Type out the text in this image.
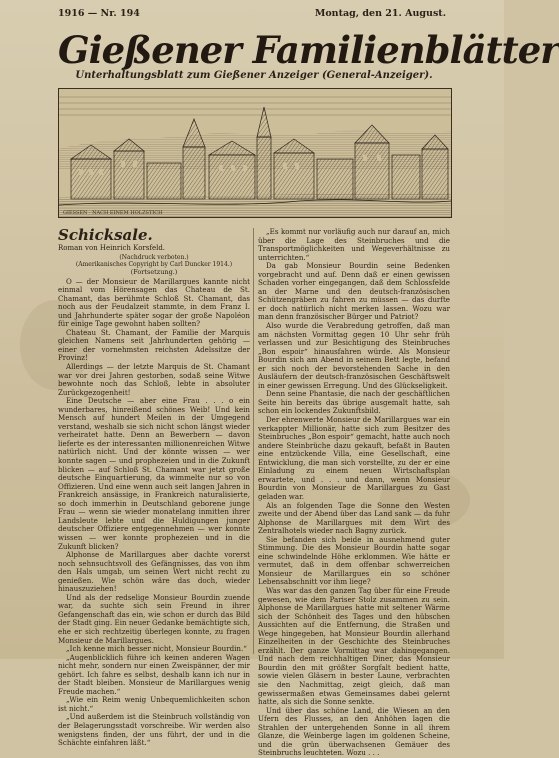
1916 — Nr. 194	Montag, den 21. August.
Gießener Familienblätter
Unterhaltungsblatt zum Gießener Anzeiger (General-Anzeiger).
GIESSEN · NACH EINEM HOLZSTICH
Schicksale.
Roman von Heinrich Korsfeld.
(Nachdruck verboten.)
(Amerikanisches Copyright by Carl Duncker 1914.)
(Fortsetzung.)

O — der Monsieur de Marillargues kannte nicht einmal vom Hörensagen das Chateau de St. Chamant, das berühmte Schloß St. Chamant, das noch aus der Feudalzeit stammte, in dem Franz I. und Jahrhunderte später sogar der große Napoléon für einige Tage gewohnt haben sollten?

Chateau St. Chamant, der Familie der Marquis gleichen Namens seit Jahrhunderten gehörig — einer der vornehmsten reichsten Adelssitze der Provinz!

Allerdings — der letzte Marquis de St. Chamant war vor drei Jahren gestorben, sodaß seine Witwe bewohnte noch das Schloß, lebte in absoluter Zurückgezogenheit!

Eine Deutsche — aber eine Frau . . . o ein wunderbares, hinreißend schönes Weib! Und kein Mensch auf hundert Meilen in der Umgegend verstand, weshalb sie sich nicht schon längst wieder verheiratet hatte. Denn an Bewerbern — davon lieferte es der interessanten millionenreichen Witwe natürlich nicht. Und der könnte wissen — wer konnte sagen — und prophezeien und in die Zukunft blicken — auf Schloß St. Chamant war jetzt große deutsche Einquartierung, da wimmelte nur so von Offizieren. Und eine wenn auch seit langen Jahren in Frankreich ansässige, in Frankreich naturalisierte, so doch immerhin in Deutschland geborene junge Frau — wenn sie wieder monatelang inmitten ihrer Landsleute lebte und die Huldigungen junger deutscher Offiziere entgegennehmen — wer konnte wissen — wer konnte prophezeien und in die Zukunft blicken?

Alphonse de Marillargues aber dachte vorerst noch sehnsuchtsvoll des Gefängnisses, das von ihm den Hals umgab, um seinen Wert nicht recht zu genießen. Wie schön wäre das doch, wieder hinauszuziehen!

Und als der redselige Monsieur Bourdin zuende war, da suchte sich sein Freund in ihrer Gefangenschaft das ein, wie schon er durch das Bild der Stadt ging. Ein neuer Gedanke bemächtigte sich, ehe er sich rechtzeitig überlegen konnte, zu fragen Monsieur de Marillargues.

„Ich kenne mich besser nicht, Monsieur Bourdin.“

„Augenblicklich führe ich keinen anderen Wagen nicht mehr, sondern nur einen Zweispänner, der mir gehört. Ich fahre es selbst, deshalb kann ich nur in der Stadt bleiben. Monsieur de Marillargues wenig Freude machen.“

„Wie ein Reim wenig Unbequemlichkeiten schon ist nicht.“

„Und außerdem ist die Steinbruch vollständig von der Belagerungsstadt vorschreibe. Wir werden also wenigstens finden, der uns führt, der und in die Schächte einfahren läßt.“

„Es kommt nur vorläufig auch nur darauf an, mich über die Lage des Steinbruches und die Transportmöglichkeiten und Wegeverhältnisse zu unterrichten.“

Da gab Monsieur Bourdin seine Bedenken vorgebracht und auf. Denn daß er einen gewissen Schaden vorher eingegangen, daß dem Schlossfelde an der Marne und den deutsch-französischen Schützengräben zu fahren zu müssen — das durfte er doch natürlich nicht merken lassen. Wozu war man denn französischer Bürger und Patriot?

Also wurde die Verabredung getroffen, daß man am nächsten Vormittag gegen 10 Uhr sehr früh verlassen und zur Besichtigung des Steinbruches „Bon espoir“ hinausfahren würde. Als Monsieur Bourdin sich am Abend in seinem Bett legte, befand er sich noch der bevorstehenden Sache in den Ausläufern der deutsch-französischen Geschäftswelt in einer gewissen Erregung. Und des Glückseligkeit.

Denn seine Phantasie, die nach der geschäftlichen Seite hin bereits das übrige ausgemalt hatte, sah schon ein lockendes Zukunftsbild.

Der ehrenwerte Monsieur de Marillargues war ein verkappter Millionär, hatte sich zum Besitzer des Steinbruches „Bon espoir“ gemacht, hatte auch noch andere Steinbrüche dazu gekauft, befaßt in Bauten eine entzückende Villa, eine Gesellschaft, eine Entwicklung, die man sich vorstellte, zu der er eine Einladung zu einem neuen Wirtschaftsplan erwartete, und . . . und dann, wenn Monsieur Bourdin von Monsieur de Marillargues zu Gast geladen war.

Als an folgenden Tage die Sonne den Westen zweite und der Abend über das Land sank — da fuhr Alphonse de Marillargues mit dem Wirt des Zentralhotels wieder nach Bagny zurück.

Sie befanden sich beide in ausnehmend guter Stimmung. Die des Monsieur Bourdin hatte sogar eine schwindelnde Höhe erklommen. Wie hätte er vermutet, daß in dem offenbar schwerreichen Monsieur de Marillargues ein so schöner Lebensabschnitt vor ihm liege?

Was war das den ganzen Tag über für eine Freude gewesen, wie dem Pariser Stolz zusammen zu sein. Alphonse de Marillargues hatte mit seltener Wärme sich der Schönheit des Tages und den hübschen Aussichten auf die Entfernung, die Straßen und Wege hingegeben, hat Monsieur Bourdin allerhand Einzelheiten in der Geschichte des Steinbruches erzählt. Der ganze Vormittag war dahingegangen. Und nach dem reichhaltigen Diner, das Monsieur Bourdin den mit größter Sorgfalt bedient hatte, sowie vielen Gläsern in bester Laune, verbrachten sie den Nachmittag, zeigt gleich, daß man gewissermaßen etwas Gemeinsames dabei gelernt hatte, als sich die Sonne senkte.

Und über das schöne Land, die Wiesen an den Ufern des Flusses, an den Anhöhen lagen die Strahlen der untergehenden Sonne in all ihrem Glanze, die Weinberge lagen im goldenen Scheine, und die grün überwachsenen Gemäuer des Steinbruchs leuchteten. Wozu . . .
